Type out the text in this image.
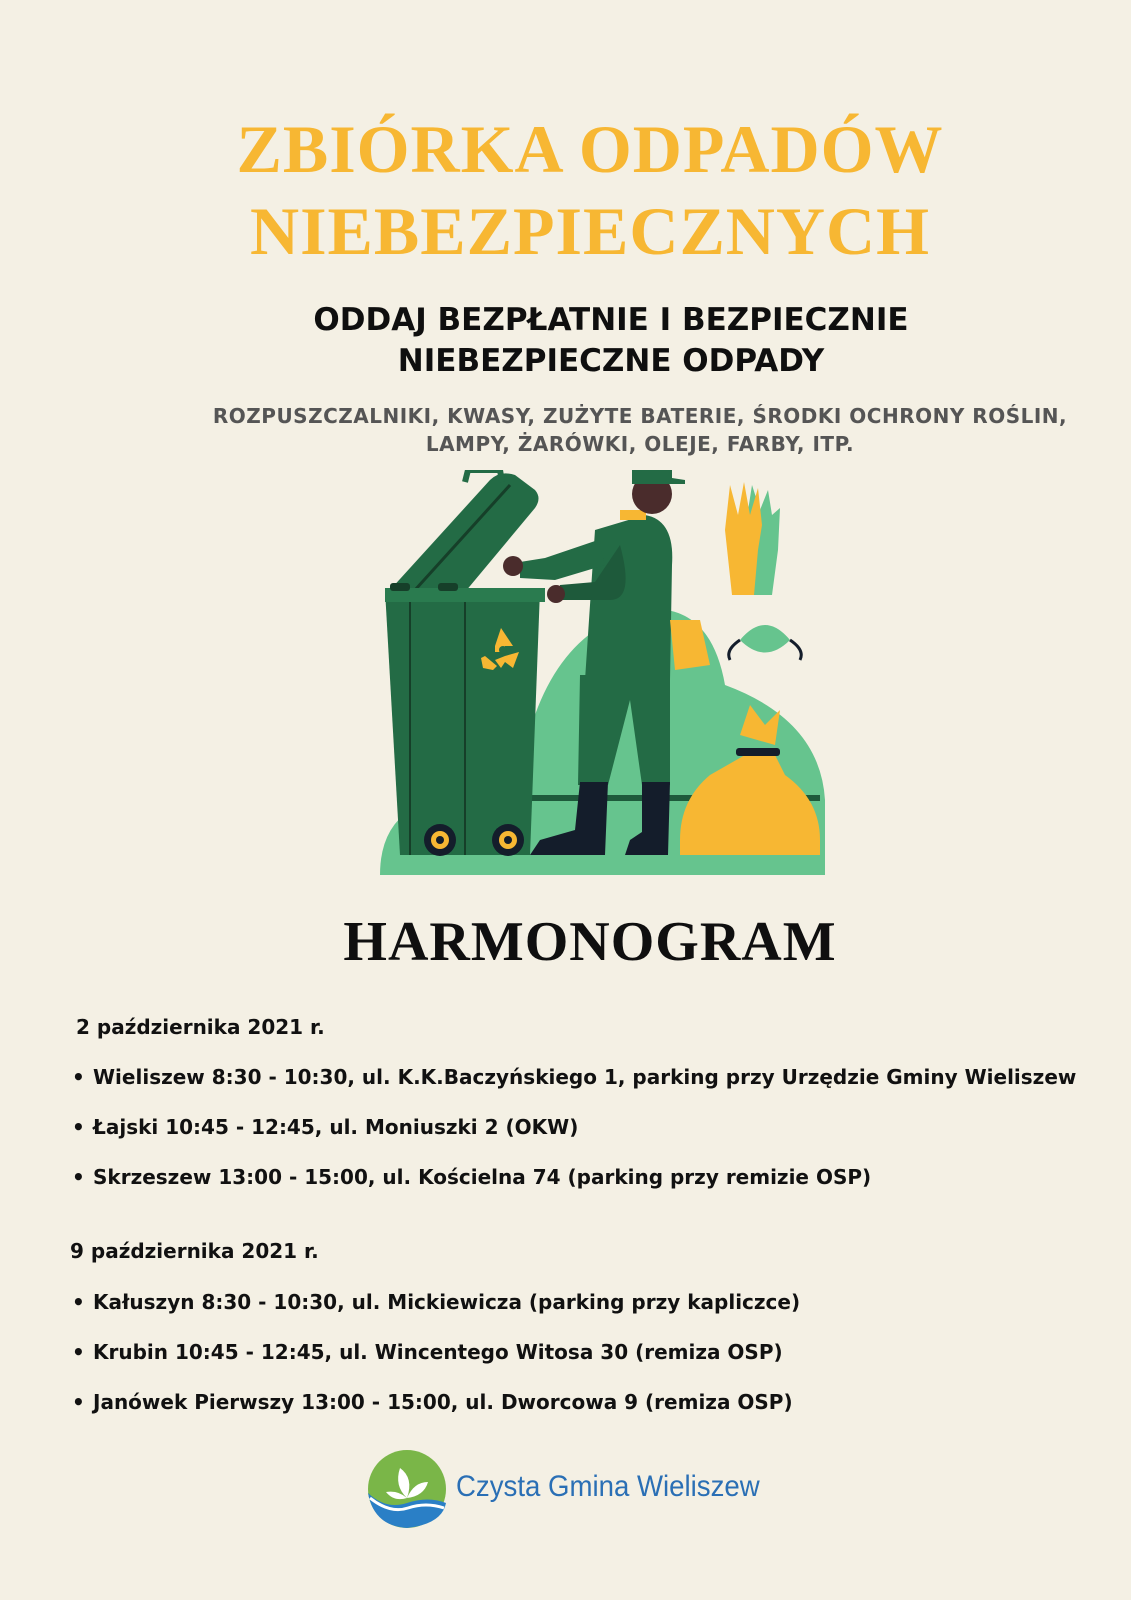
ZBIÓRKA ODPADÓW
NIEBEZPIECZNYCH
ODDAJ BEZPŁATNIE I BEZPIECZNIE
NIEBEZPIECZNE ODPADY

ROZPUSZCZALNIKI, KWASY, ZUŻYTE BATERIE, ŚRODKI OCHRONY ROŚLIN,
LAMPY, ŻARÓWKI, OLEJE, FARBY, ITP.

HARMONOGRAM

2 października 2021 r.

• Wieliszew 8:30 - 10:30, ul. K.K.Baczyńskiego 1, parking przy Urzędzie Gminy Wieliszew
• Łajski 10:45 - 12:45, ul. Moniuszki 2 (OKW)
• Skrzeszew 13:00 - 15:00, ul. Kościelna 74 (parking przy remizie OSP)

9 października 2021 r.

• Kałuszyn 8:30 - 10:30, ul. Mickiewicza (parking przy kapliczce)
• Krubin 10:45 - 12:45, ul. Wincentego Witosa 30 (remiza OSP)
• Janówek Pierwszy 13:00 - 15:00, ul. Dworcowa 9 (remiza OSP)
Czysta Gmina Wieliszew
